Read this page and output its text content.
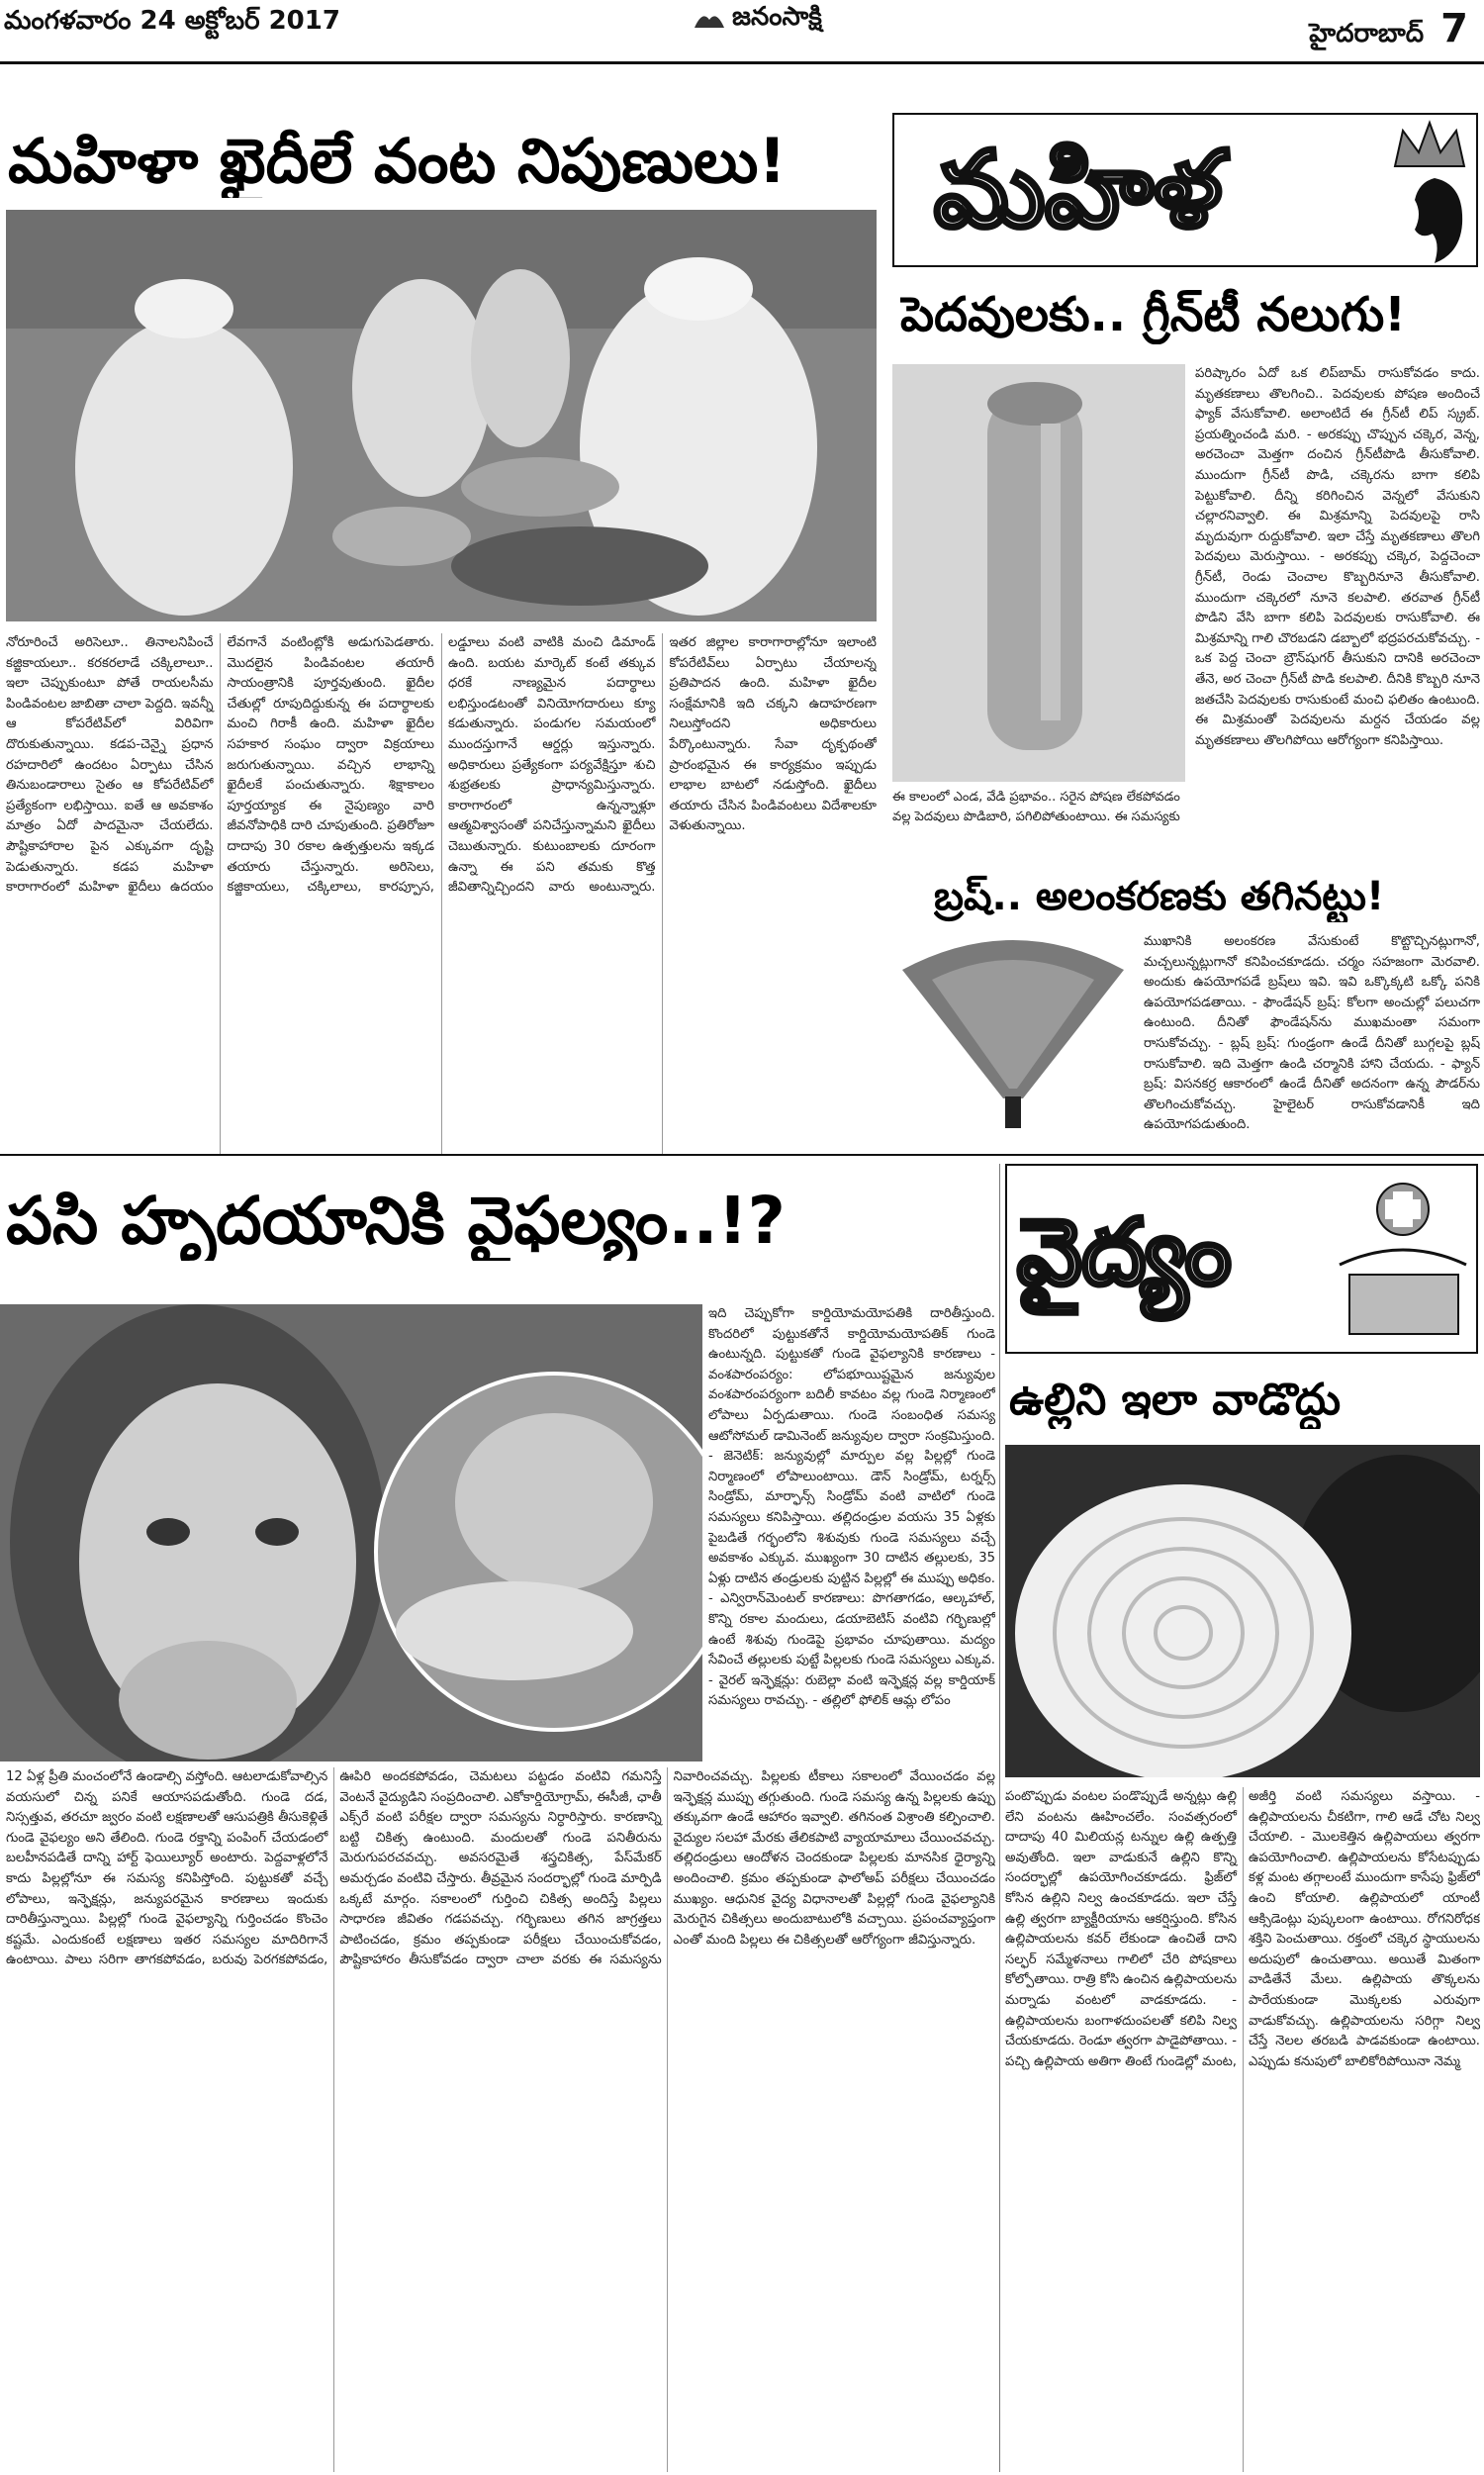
మంగళవారం 24 అక్టోబర్ 2017	జనంసాక్షి
హైదరాబాద్ 7
మహిళా ఖైదీలే వంట నిపుణులు!
నోరూరించే అరిసెలూ.. తినాలనిపించే కజ్జికాయలూ.. కరకరలాడే చక్కిలాలూ.. ఇలా చెప్పుకుంటూ పోతే రాయలసీమ పిండివంటల జాబితా చాలా పెద్దది. ఇవన్నీ ఆ కోపరేటివ్‌లో విరివిగా దొరుకుతున్నాయి. కడప-చెన్నై ప్రధాన రహదారిలో ఉందటం ఏర్పాటు చేసిన తినుబండారాలు సైతం ఆ కోపరేటివ్‌లో ప్రత్యేకంగా లభిస్తాయి. ఐతే ఆ అవకాశం మాత్రం ఏదో పాదమైనా చేయలేదు. పౌష్టికాహారాల పైన ఎక్కువగా దృష్టి పెడుతున్నారు. కడప మహిళా కారాగారంలో మహిళా ఖైదీలు ఉదయం లేవగానే వంటింట్లోకి అడుగుపెడతారు. మొదలైన పిండివంటల తయారీ సాయంత్రానికి పూర్తవుతుంది. ఖైదీల చేతుల్లో రూపుదిద్దుకున్న ఈ పదార్థాలకు మంచి గిరాకీ ఉంది. మహిళా ఖైదీల సహకార సంఘం ద్వారా విక్రయాలు జరుగుతున్నాయి. వచ్చిన లాభాన్ని ఖైదీలకే పంచుతున్నారు. శిక్షాకాలం పూర్తయ్యాక ఈ నైపుణ్యం వారి జీవనోపాధికి దారి చూపుతుంది. ప్రతిరోజూ దాదాపు 30 రకాల ఉత్పత్తులను ఇక్కడ తయారు చేస్తున్నారు. అరిసెలు, కజ్జికాయలు, చక్కిలాలు, కారప్పూస, లడ్డూలు వంటి వాటికి మంచి డిమాండ్ ఉంది. బయట మార్కెట్ కంటే తక్కువ ధరకే నాణ్యమైన పదార్థాలు లభిస్తుండటంతో వినియోగదారులు క్యూ కడుతున్నారు. పండుగల సమయంలో ముందస్తుగానే ఆర్డర్లు ఇస్తున్నారు. అధికారులు ప్రత్యేకంగా పర్యవేక్షిస్తూ శుచి శుభ్రతలకు ప్రాధాన్యమిస్తున్నారు. కారాగారంలో ఉన్నన్నాళ్లూ ఆత్మవిశ్వాసంతో పనిచేస్తున్నామని ఖైదీలు చెబుతున్నారు. కుటుంబాలకు దూరంగా ఉన్నా ఈ పని తమకు కొత్త జీవితాన్నిచ్చిందని వారు అంటున్నారు. ఇతర జిల్లాల కారాగారాల్లోనూ ఇలాంటి కోపరేటివ్‌లు ఏర్పాటు చేయాలన్న ప్రతిపాదన ఉంది. మహిళా ఖైదీల సంక్షేమానికి ఇది చక్కని ఉదాహరణగా నిలుస్తోందని అధికారులు పేర్కొంటున్నారు. సేవా దృక్పథంతో ప్రారంభమైన ఈ కార్యక్రమం ఇప్పుడు లాభాల బాటలో నడుస్తోంది. ఖైదీలు తయారు చేసిన పిండివంటలు విదేశాలకూ వెళుతున్నాయి.
మహిళ
పెదవులకు.. గ్రీన్‌టీ నలుగు!
ఈ కాలంలో ఎండ, వేడి ప్రభావం.. సరైన పోషణ లేకపోవడం వల్ల పెదవులు పొడిబారి, పగిలిపోతుంటాయి. ఈ సమస్యకు
పరిష్కారం ఏదో ఒక లిప్‌బామ్ రాసుకోవడం కాదు. మృతకణాలు తొలగించి.. పెదవులకు పోషణ అందించే ఫ్యాక్ వేసుకోవాలి. అలాంటిదే ఈ గ్రీన్‌టీ లిప్ స్క్రబ్. ప్రయత్నించండి మరి. - అరకప్పు చొప్పున చక్కెర, వెన్న, అరచెంచా మెత్తగా దంచిన గ్రీన్‌టీపొడి తీసుకోవాలి. ముందుగా గ్రీన్‌టీ పొడి, చక్కెరను బాగా కలిపి పెట్టుకోవాలి. దీన్ని కరిగించిన వెన్నలో వేసుకుని చల్లారనివ్వాలి. ఈ మిశ్రమాన్ని పెదవులపై రాసి మృదువుగా రుద్దుకోవాలి. ఇలా చేస్తే మృతకణాలు తొలగి పెదవులు మెరుస్తాయి. - అరకప్పు చక్కెర, పెద్దచెంచా గ్రీన్‌టీ, రెండు చెంచాల కొబ్బరినూనె తీసుకోవాలి. ముందుగా చక్కెరలో నూనె కలపాలి. తరవాత గ్రీన్‌టీ పొడిని వేసి బాగా కలిపి పెదవులకు రాసుకోవాలి. ఈ మిశ్రమాన్ని గాలి చొరబడని డబ్బాలో భద్రపరచుకోవచ్చు. - ఒక పెద్ద చెంచా బ్రౌన్‌షుగర్ తీసుకుని దానికి అరచెంచా తేనె, అర చెంచా గ్రీన్‌టీ పొడి కలపాలి. దీనికి కొబ్బరి నూనె జతచేసి పెదవులకు రాసుకుంటే మంచి ఫలితం ఉంటుంది. ఈ మిశ్రమంతో పెదవులను మర్దన చేయడం వల్ల మృతకణాలు తొలగిపోయి ఆరోగ్యంగా కనిపిస్తాయి.
బ్రష్.. అలంకరణకు తగినట్టు!
ముఖానికి అలంకరణ వేసుకుంటే కొట్టొచ్చినట్లుగానో, మచ్చలున్నట్లుగానో కనిపించకూడదు. చర్మం సహజంగా మెరవాలి. అందుకు ఉపయోగపడే బ్రష్‌లు ఇవి. ఇవి ఒక్కొక్కటి ఒక్కో పనికి ఉపయోగపడతాయి. - ఫౌండేషన్ బ్రష్: కోలగా అంచుల్లో పలుచగా ఉంటుంది. దీనితో ఫౌండేషన్‌ను ముఖమంతా సమంగా రాసుకోవచ్చు. - బ్లష్ బ్రష్: గుండ్రంగా ఉండే దీనితో బుగ్గలపై బ్లష్ రాసుకోవాలి. ఇది మెత్తగా ఉండి చర్మానికి హాని చేయదు. - ఫ్యాన్ బ్రష్: విసనకర్ర ఆకారంలో ఉండే దీనితో అదనంగా ఉన్న పౌడర్‌ను తొలగించుకోవచ్చు. హైలైటర్ రాసుకోవడానికీ ఇది ఉపయోగపడుతుంది.
పసి హృదయానికి వైఫల్యం..!?
ఇది చెప్పుకోగా కార్డియోమయోపతికి దారితీస్తుంది. కొందరిలో పుట్టుకతోనే కార్డియోమయోపతిక్ గుండె ఉంటున్నది. పుట్టుకతో గుండె వైఫల్యానికి కారణాలు - వంశపారంపర్యం: లోపభూయిష్టమైన జన్యువుల వంశపారంపర్యంగా బదిలీ కావటం వల్ల గుండె నిర్మాణంలో లోపాలు ఏర్పడుతాయి. గుండె సంబంధిత సమస్య ఆటోసోమల్ డామినెంట్ జన్యువుల ద్వారా సంక్రమిస్తుంది. - జెనెటిక్: జన్యువుల్లో మార్పుల వల్ల పిల్లల్లో గుండె నిర్మాణంలో లోపాలుంటాయి. డౌన్ సిండ్రోమ్, టర్నర్స్ సిండ్రోమ్, మార్ఫాన్స్ సిండ్రోమ్ వంటి వాటిలో గుండె సమస్యలు కనిపిస్తాయి. తల్లిదండ్రుల వయసు 35 ఏళ్లకు పైబడితే గర్భంలోని శిశువుకు గుండె సమస్యలు వచ్చే అవకాశం ఎక్కువ. ముఖ్యంగా 30 దాటిన తల్లులకు, 35 ఏళ్లు దాటిన తండ్రులకు పుట్టిన పిల్లల్లో ఈ ముప్పు అధికం. - ఎన్విరాన్‌మెంటల్ కారణాలు: పొగతాగడం, ఆల్కహాల్, కొన్ని రకాల మందులు, డయాబెటిస్ వంటివి గర్భిణుల్లో ఉంటే శిశువు గుండెపై ప్రభావం చూపుతాయి. మద్యం సేవించే తల్లులకు పుట్టే పిల్లలకు గుండె సమస్యలు ఎక్కువ. - వైరల్ ఇన్ఫెక్షన్లు: రుబెల్లా వంటి ఇన్ఫెక్షన్ల వల్ల కార్డియాక్ సమస్యలు రావచ్చు. - తల్లిలో ఫోలిక్ ఆమ్ల లోపం
12 ఏళ్ల ప్రీతి మంచంలోనే ఉండాల్సి వస్తోంది. ఆటలాడుకోవాల్సిన వయసులో చిన్న పనికే ఆయాసపడుతోంది. గుండె దడ, నిస్సత్తువ, తరచూ జ్వరం వంటి లక్షణాలతో ఆసుపత్రికి తీసుకెళ్లితే గుండె వైఫల్యం అని తేలింది. గుండె రక్తాన్ని పంపింగ్ చేయడంలో బలహీనపడితే దాన్ని హార్ట్ ఫెయిల్యూర్ అంటారు. పెద్దవాళ్లలోనే కాదు పిల్లల్లోనూ ఈ సమస్య కనిపిస్తోంది. పుట్టుకతో వచ్చే లోపాలు, ఇన్ఫెక్షన్లు, జన్యుపరమైన కారణాలు ఇందుకు దారితీస్తున్నాయి. పిల్లల్లో గుండె వైఫల్యాన్ని గుర్తించడం కొంచెం కష్టమే. ఎందుకంటే లక్షణాలు ఇతర సమస్యల మాదిరిగానే ఉంటాయి. పాలు సరిగా తాగకపోవడం, బరువు పెరగకపోవడం, ఊపిరి అందకపోవడం, చెమటలు పట్టడం వంటివి గమనిస్తే వెంటనే వైద్యుడిని సంప్రదించాలి. ఎకోకార్డియోగ్రామ్, ఈసీజీ, ఛాతీ ఎక్స్‌రే వంటి పరీక్షల ద్వారా సమస్యను నిర్ధారిస్తారు. కారణాన్ని బట్టి చికిత్స ఉంటుంది. మందులతో గుండె పనితీరును మెరుగుపరచవచ్చు. అవసరమైతే శస్త్రచికిత్స, పేస్‌మేకర్ అమర్చడం వంటివి చేస్తారు. తీవ్రమైన సందర్భాల్లో గుండె మార్పిడి ఒక్కటే మార్గం. సకాలంలో గుర్తించి చికిత్స అందిస్తే పిల్లలు సాధారణ జీవితం గడపవచ్చు. గర్భిణులు తగిన జాగ్రత్తలు పాటించడం, క్రమం తప్పకుండా పరీక్షలు చేయించుకోవడం, పౌష్టికాహారం తీసుకోవడం ద్వారా చాలా వరకు ఈ సమస్యను నివారించవచ్చు. పిల్లలకు టీకాలు సకాలంలో వేయించడం వల్ల ఇన్ఫెక్షన్ల ముప్పు తగ్గుతుంది. గుండె సమస్య ఉన్న పిల్లలకు ఉప్పు తక్కువగా ఉండే ఆహారం ఇవ్వాలి. తగినంత విశ్రాంతి కల్పించాలి. వైద్యుల సలహా మేరకు తేలికపాటి వ్యాయామాలు చేయించవచ్చు. తల్లిదండ్రులు ఆందోళన చెందకుండా పిల్లలకు మానసిక ధైర్యాన్ని అందించాలి. క్రమం తప్పకుండా ఫాలోఅప్ పరీక్షలు చేయించడం ముఖ్యం. ఆధునిక వైద్య విధానాలతో పిల్లల్లో గుండె వైఫల్యానికి మెరుగైన చికిత్సలు అందుబాటులోకి వచ్చాయి. ప్రపంచవ్యాప్తంగా ఎంతో మంది పిల్లలు ఈ చికిత్సలతో ఆరోగ్యంగా జీవిస్తున్నారు.
వైద్యం
ఉల్లిని ఇలా వాడొద్దు
పంటొప్పుడు వంటల పండొప్పుడే అన్నట్లు ఉల్లి లేని వంటను ఊహించలేం. సంవత్సరంలో దాదాపు 40 మిలియన్ల టన్నుల ఉల్లి ఉత్పత్తి అవుతోంది. ఇలా వాడుకునే ఉల్లిని కొన్ని సందర్భాల్లో ఉపయోగించకూడదు. ఫ్రిజ్‌లో కోసిన ఉల్లిని నిల్వ ఉంచకూడదు. ఇలా చేస్తే ఉల్లి త్వరగా బ్యాక్టీరియాను ఆకర్షిస్తుంది. కోసిన ఉల్లిపాయలను కవర్ లేకుండా ఉంచితే దాని సల్ఫర్ సమ్మేళనాలు గాలిలో చేరి పోషకాలు కోల్పోతాయి. రాత్రి కోసి ఉంచిన ఉల్లిపాయలను మర్నాడు వంటలో వాడకూడదు. - ఉల్లిపాయలను బంగాళదుంపలతో కలిపి నిల్వ చేయకూడదు. రెండూ త్వరగా పాడైపోతాయి. - పచ్చి ఉల్లిపాయ అతిగా తింటే గుండెల్లో మంట, అజీర్తి వంటి సమస్యలు వస్తాయి. - ఉల్లిపాయలను చీకటిగా, గాలి ఆడే చోట నిల్వ చేయాలి. - మొలకెత్తిన ఉల్లిపాయలు త్వరగా ఉపయోగించాలి. ఉల్లిపాయలను కోసేటప్పుడు కళ్ల మంట తగ్గాలంటే ముందుగా కాసేపు ఫ్రిజ్‌లో ఉంచి కోయాలి. ఉల్లిపాయలో యాంటీ ఆక్సిడెంట్లు పుష్కలంగా ఉంటాయి. రోగనిరోధక శక్తిని పెంచుతాయి. రక్తంలో చక్కెర స్థాయులను అదుపులో ఉంచుతాయి. అయితే మితంగా వాడితేనే మేలు. ఉల్లిపాయ తొక్కలను పారేయకుండా మొక్కలకు ఎరువుగా వాడుకోవచ్చు. ఉల్లిపాయలను సరిగ్గా నిల్వ చేస్తే నెలల తరబడి పాడవకుండా ఉంటాయి. ఎప్పుడు కనుపులో బాలికోరిపోయినా నెమ్మ
